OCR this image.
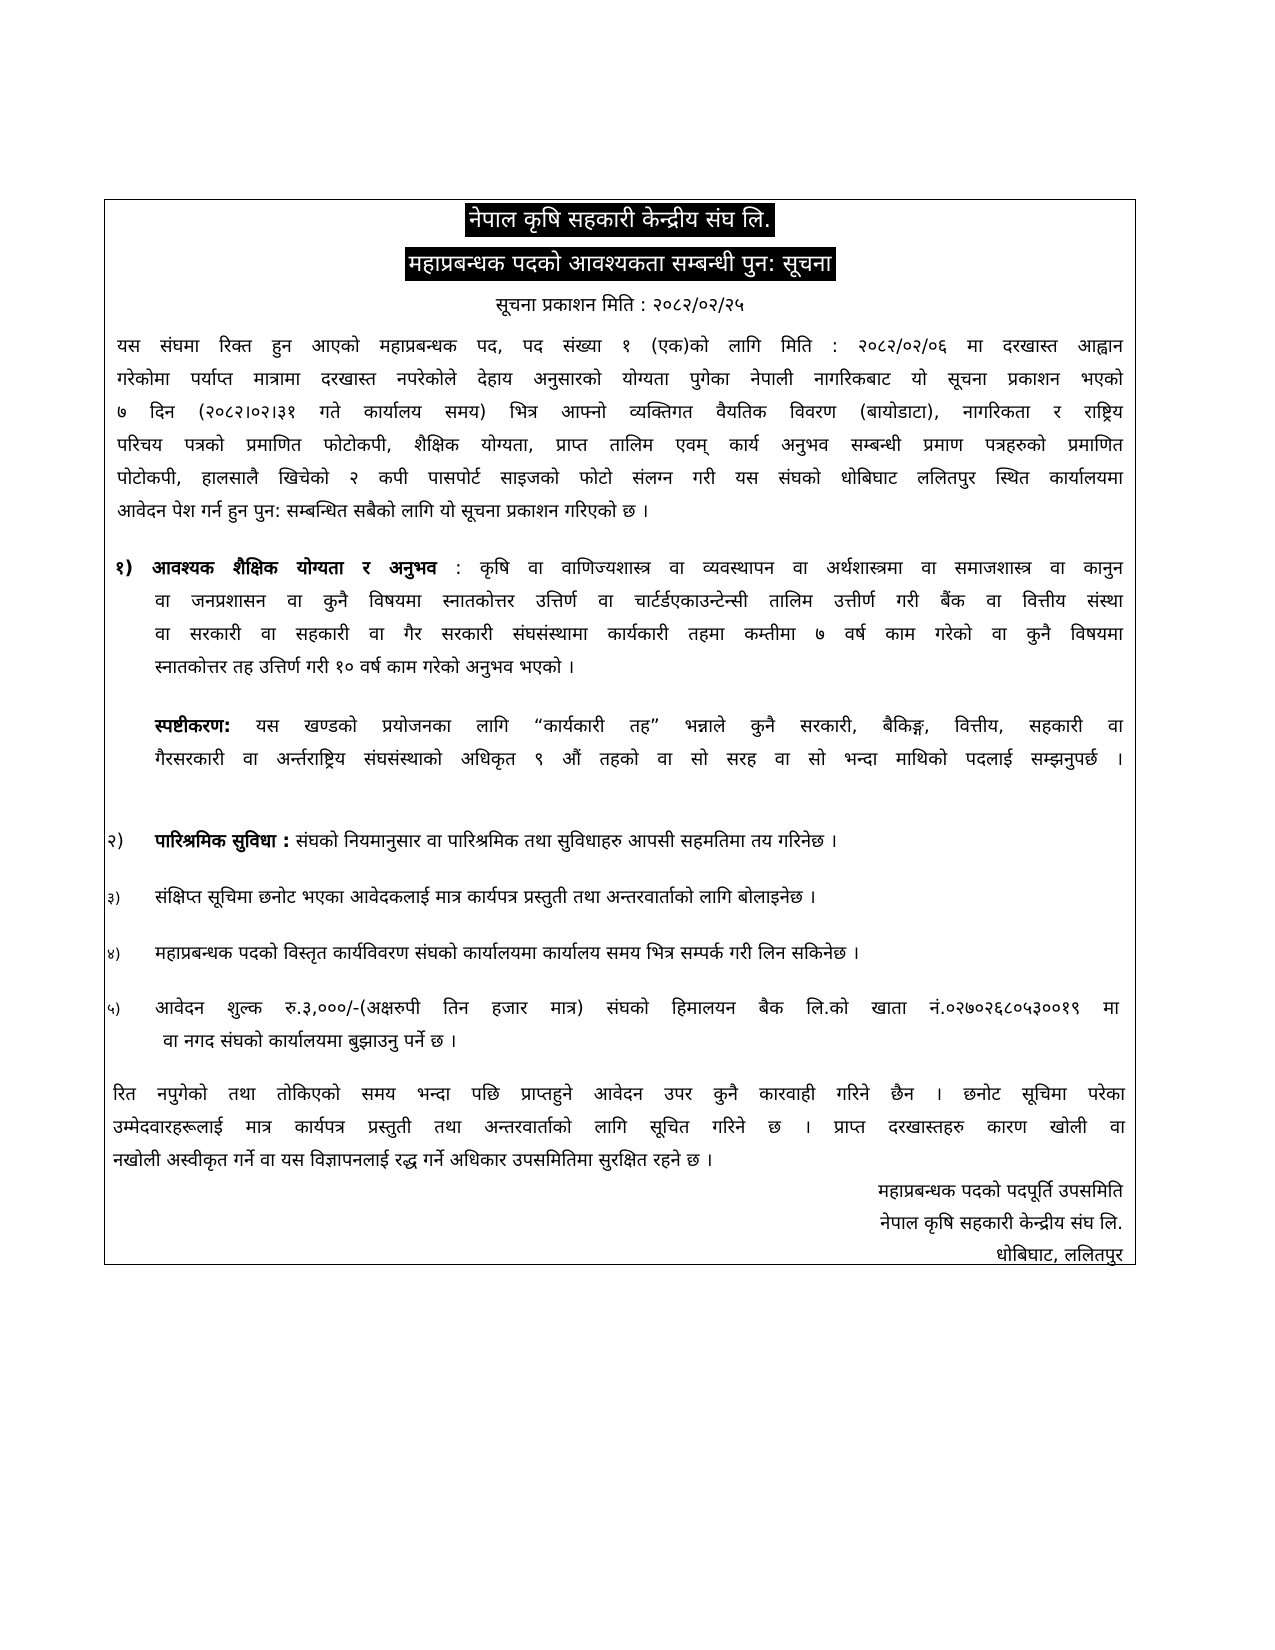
नेपाल कृषि सहकारी केन्द्रीय संघ लि.
महाप्रबन्धक पदको आवश्यकता सम्बन्धी पुन: सूचना
सूचना प्रकाशन मिति : २०८२/०२/२५
यस संघमा रिक्त हुन आएको महाप्रबन्धक पद, पद संख्या १ (एक)को लागि मिति : २०८२/०२/०६ मा दरखास्त आह्वान
गरेकोमा पर्याप्त मात्रामा दरखास्त नपरेकोले देहाय अनुसारको योग्यता पुगेका नेपाली नागरिकबाट यो सूचना प्रकाशन भएको
७ दिन (२०८२।०२।३१ गते कार्यालय समय) भित्र आफ्नो व्यक्तिगत वैयतिक विवरण (बायोडाटा), नागरिकता र राष्ट्रिय
परिचय पत्रको प्रमाणित फोटोकपी, शैक्षिक योग्यता, प्राप्त तालिम एवम् कार्य अनुभव सम्बन्धी प्रमाण पत्रहरुको प्रमाणित
पोटोकपी, हालसालै खिचेको २ कपी पासपोर्ट साइजको फोटो संलग्न गरी यस संघको धोबिघाट ललितपुर स्थित कार्यालयमा
आवेदन पेश गर्न हुन पुन: सम्बन्धित सबैको लागि यो सूचना प्रकाशन गरिएको छ ।
१) आवश्यक शैक्षिक योग्यता र अनुभव : कृषि वा वाणिज्यशास्त्र वा व्यवस्थापन वा अर्थशास्त्रमा वा समाजशास्त्र वा कानुन
वा जनप्रशासन वा कुनै विषयमा स्नातकोत्तर उत्तिर्ण वा चार्टर्डएकाउन्टेन्सी तालिम उत्तीर्ण गरी बैंक वा वित्तीय संस्था
वा सरकारी वा सहकारी वा गैर सरकारी संघसंस्थामा कार्यकारी तहमा कम्तीमा ७ वर्ष काम गरेको वा कुनै विषयमा
स्नातकोत्तर तह उत्तिर्ण गरी १० वर्ष काम गरेको अनुभव भएको ।
स्पष्टीकरण: यस खण्डको प्रयोजनका लागि “कार्यकारी तह” भन्नाले कुनै सरकारी, बैकिङ्ग, वित्तीय, सहकारी वा
गैरसरकारी वा अर्न्तराष्ट्रिय संघसंस्थाको अधिकृत ९ औं तहको वा सो सरह वा सो भन्दा माथिको पदलाई सम्झनुपर्छ ।
२) पारिश्रमिक सुविधा : संघको नियमानुसार वा पारिश्रमिक तथा सुविधाहरु आपसी सहमतिमा तय गरिनेछ ।
३) संक्षिप्त सूचिमा छनोट भएका आवेदकलाई मात्र कार्यपत्र प्रस्तुती तथा अन्तरवार्ताको लागि बोलाइनेछ ।
४) महाप्रबन्धक पदको विस्तृत कार्यविवरण संघको कार्यालयमा कार्यालय समय भित्र सम्पर्क गरी लिन सकिनेछ ।
५) आवेदन शुल्क रु.३,०००/-(अक्षरुपी तिन हजार मात्र) संघको हिमालयन बैक लि.को खाता नं.०२७०२६८०५३००१९ मा
वा नगद संघको कार्यालयमा बुझाउनु पर्ने छ ।
रित नपुगेको तथा तोकिएको समय भन्दा पछि प्राप्तहुने आवेदन उपर कुनै कारवाही गरिने छैन । छनोट सूचिमा परेका
उम्मेदवारहरूलाई मात्र कार्यपत्र प्रस्तुती तथा अन्तरवार्ताको लागि सूचित गरिने छ । प्राप्त दरखास्तहरु कारण खोली वा
नखोली अस्वीकृत गर्ने वा यस विज्ञापनलाई रद्ध गर्ने अधिकार उपसमितिमा सुरक्षित रहने छ ।
महाप्रबन्धक पदको पदपूर्ति उपसमिति
नेपाल कृषि सहकारी केन्द्रीय संघ लि.
धोबिघाट, ललितपुर
